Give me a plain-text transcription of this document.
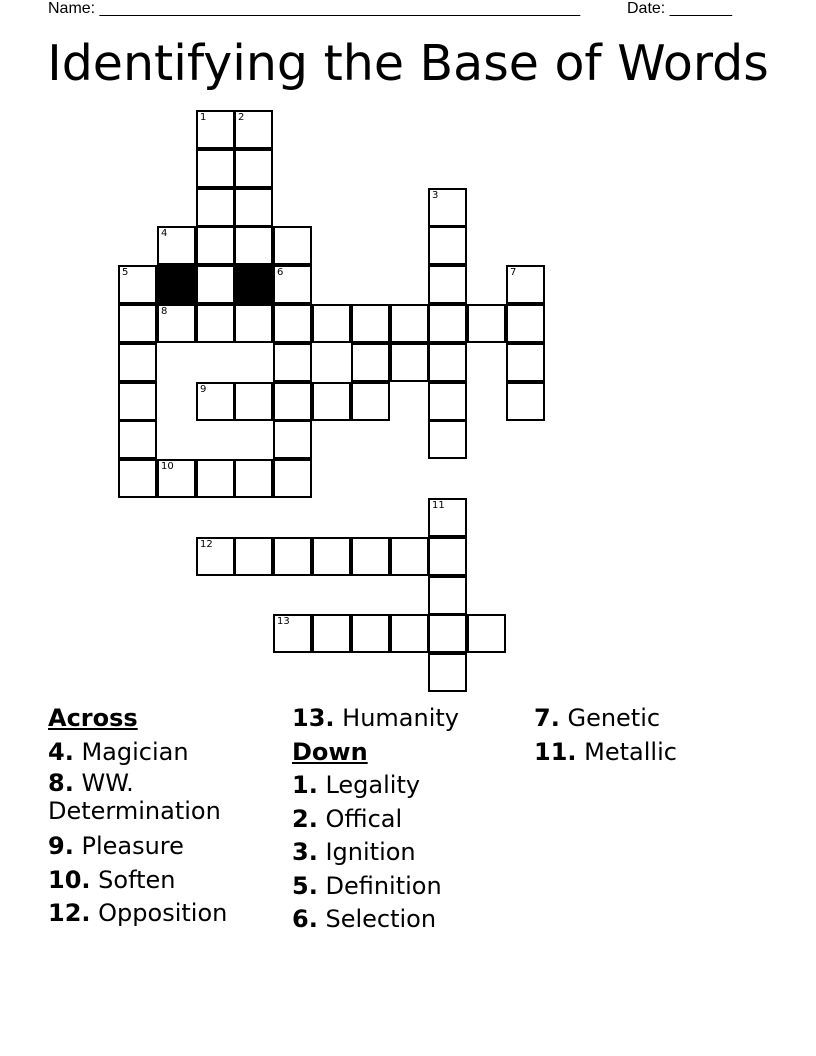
Name: ______________________________________________________	Date: _______
Identifying the Base of Words
1	2
3
4
5	6	7
8
9
10
11
12
13
Across
4. Magician
8. WW. Determination
9. Pleasure
10. Soften
12. Opposition
13. Humanity
Down
1. Legality
2. Offical
3. Ignition
5. Definition
6. Selection
7. Genetic
11. Metallic
